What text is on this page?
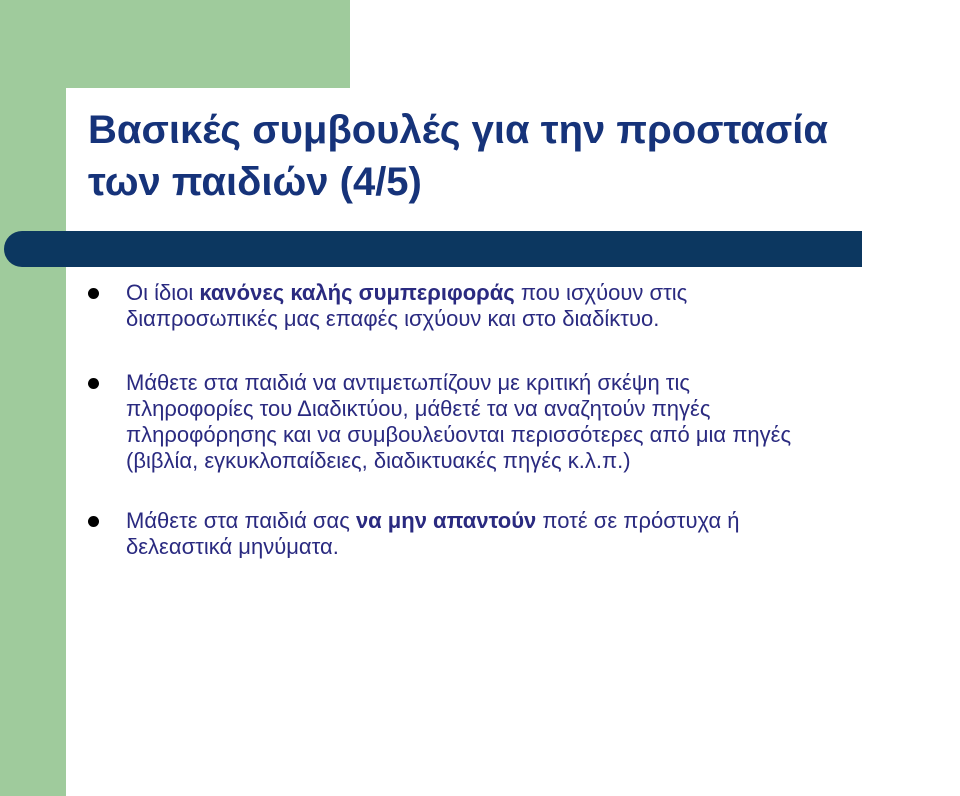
Βασικές συμβουλές για την προστασία
των παιδιών (4/5)
Οι ίδιοι κανόνες καλής συμπεριφοράς που ισχύουν στις
διαπροσωπικές μας επαφές ισχύουν και στο διαδίκτυο.
Μάθετε στα παιδιά να αντιμετωπίζουν με κριτική σκέψη τις
πληροφορίες του Διαδικτύου, μάθετέ τα να αναζητούν πηγές
πληροφόρησης και να συμβουλεύονται περισσότερες από μια πηγές
(βιβλία, εγκυκλοπαίδειες, διαδικτυακές πηγές κ.λ.π.)
Μάθετε στα παιδιά σας να μην απαντούν ποτέ σε πρόστυχα ή
δελεαστικά μηνύματα.
